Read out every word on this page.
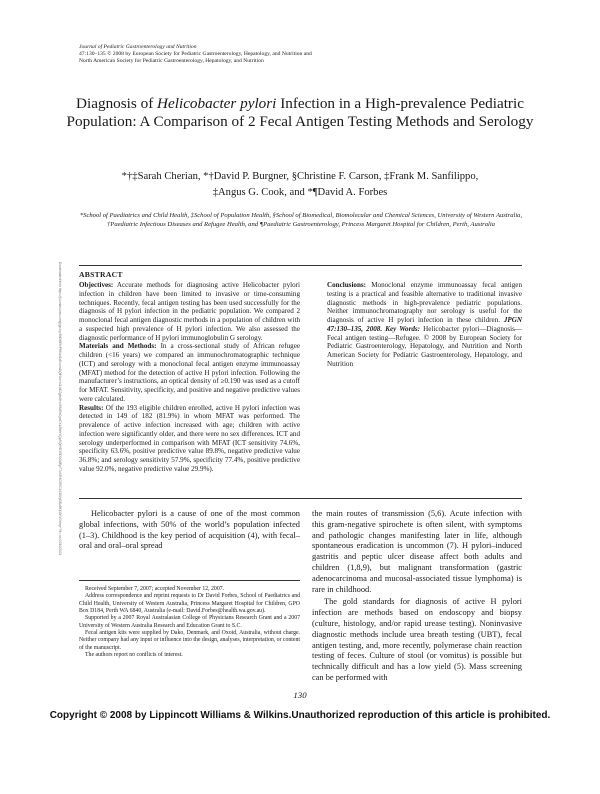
Journal of Pediatric Gastroenterology and Nutrition
47:130–135 © 2008 by European Society for Pediatric Gastroenterology, Hepatology, and Nutrition and
North American Society for Pediatric Gastroenterology, Hepatology, and Nutrition
Diagnosis of Helicobacter pylori Infection in a High-prevalence Pediatric Population: A Comparison of 2 Fecal Antigen Testing Methods and Serology
*†‡Sarah Cherian, *†David P. Burgner, §Christine F. Carson, ‡Frank M. Sanfilippo,
‡Angus G. Cook, and *¶David A. Forbes
*School of Paediatrics and Child Health, ‡School of Population Health, §School of Biomedical, Biomolecular and Chemical Sciences, University of Western Australia, †Paediatric Infectious Diseases and Refugee Health, and ¶Paediatric Gastroenterology, Princess Margaret Hospital for Children, Perth, Australia
Downloaded from https://journals.lww.com/jpgn by BhDMf5ePHKav1zEoum1tQfN4a+kJLhEZgbsIHo4XMi0hCywCX1AWnYQp/IlQrHD3i3D0OdRyi7TvSFl4Cf3VC4/OAVpDDa8KKGKV0Ymy+78= on 04/10/2024 ABSTRACT

Objectives: Accurate methods for diagnosing active Helicobacter pylori infection in children have been limited to invasive or time-consuming techniques. Recently, fecal antigen testing has been used successfully for the diagnosis of H pylori infection in the pediatric population. We compared 2 monoclonal fecal antigen diagnostic methods in a population of children with a suspected high prevalence of H pylori infection. We also assessed the diagnostic performance of H pylori immunoglobulin G serology.

Materials and Methods: In a cross-sectional study of African refugee children (<16 years) we compared an immunochromatographic technique (ICT) and serology with a monoclonal fecal antigen enzyme immunoassay (MFAT) method for the detection of active H pylori infection. Following the manufacturer’s instructions, an optical density of ≥0.190 was used as a cutoff for MFAT. Sensitivity, specificity, and positive and negative predictive values were calculated.

Results: Of the 193 eligible children enrolled, active H pylori infection was detected in 149 of 182 (81.9%) in whom MFAT was performed. The prevalence of active infection increased with age; children with active infection were significantly older, and there were no sex differences. ICT and serology underperformed in comparison with MFAT (ICT sensitivity 74.6%, specificity 63.6%, positive predictive value 89.8%, negative predictive value 36.8%; and serology sensitivity 57.9%, specificity 77.4%, positive predictive value 92.0%, negative predictive value 29.9%).

Conclusions: Monoclonal enzyme immunoassay fecal antigen testing is a practical and feasible alternative to traditional invasive diagnostic methods in high-prevalence pediatric populations. Neither immunochromatography nor serology is useful for the diagnosis of active H pylori infection in these children. JPGN 47:130–135, 2008. Key Words: Helicobacter pylori—Diagnosis—Fecal antigen testing—Refugee. © 2008 by European Society for Pediatric Gastroenterology, Hepatology, and Nutrition and North American Society for Pediatric Gastroenterology, Hepatology, and Nutrition

Helicobacter pylori is a cause of one of the most common global infections, with 50% of the world’s population infected (1–3). Childhood is the key period of acquisition (4), with fecal–oral and oral–oral spread

the main routes of transmission (5,6). Acute infection with this gram-negative spirochete is often silent, with symptoms and pathologic changes manifesting later in life, although spontaneous eradication is uncommon (7). H pylori–induced gastritis and peptic ulcer disease affect both adults and children (1,8,9), but malignant transformation (gastric adenocarcinoma and mucosal-associated tissue lymphoma) is rare in childhood.

The gold standards for diagnosis of active H pylori infection are methods based on endoscopy and biopsy (culture, histology, and/or rapid urease testing). Noninvasive diagnostic methods include urea breath testing (UBT), fecal antigen testing, and, more recently, polymerase chain reaction testing of feces. Culture of stool (or vomitus) is possible but technically difficult and has a low yield (5). Mass screening can be performed with

Received September 7, 2007; accepted November 12, 2007.

Address correspondence and reprint requests to Dr David Forbes, School of Paediatrics and Child Health, University of Western Australia, Princess Margaret Hospital for Children, GPO Box D184, Perth WA 6840, Australia (e-mail: David.Forbes@health.wa.gov.au).

Supported by a 2007 Royal Australasian College of Physicians Research Grant and a 2007 University of Western Australia Research and Education Grant to S.C.

Fecal antigen kits were supplied by Dako, Denmark, and Oxoid, Australia, without charge. Neither company had any input or influence into the design, analyses, interpretation, or content of the manuscript.

The authors report no conflicts of interest.

130
Copyright © 2008 by Lippincott Williams & Wilkins.Unauthorized reproduction of this article is prohibited.
